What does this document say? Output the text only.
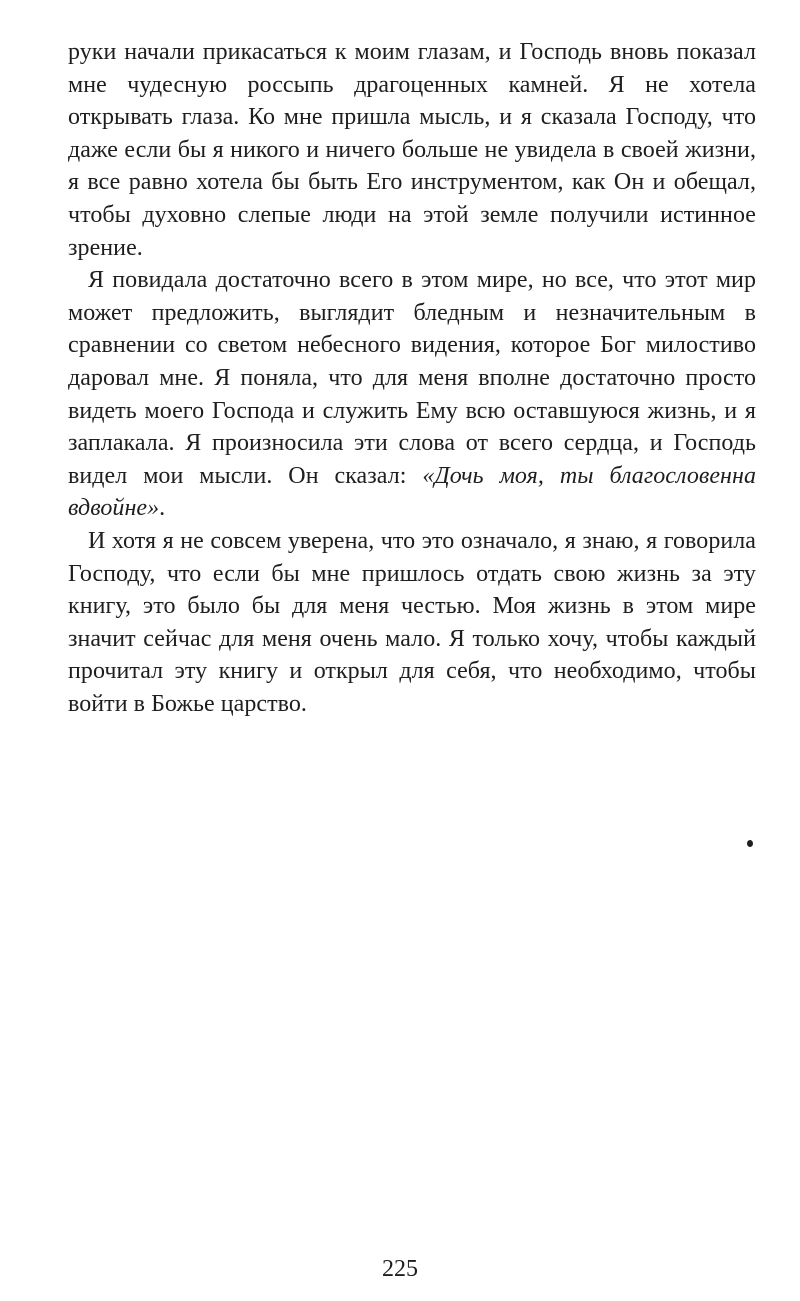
руки начали прикасаться к моим глазам, и Господь вновь показал мне чудесную россыпь драгоценных камней. Я не хотела открывать глаза. Ко мне пришла мысль, и я сказала Господу, что даже если бы я никого и ничего больше не увидела в своей жизни, я все равно хотела бы быть Его инструментом, как Он и обещал, чтобы духовно слепые люди на этой земле получили истинное зрение.

Я повидала достаточно всего в этом мире, но все, что этот мир может предложить, выглядит бледным и незначительным в сравнении со светом небесного видения, которое Бог милостиво даровал мне. Я поняла, что для меня вполне достаточно просто видеть моего Господа и служить Ему всю оставшуюся жизнь, и я заплакала. Я произносила эти слова от всего сердца, и Господь видел мои мысли. Он сказал: «Дочь моя, ты благословенна вдвойне».

И хотя я не совсем уверена, что это означало, я знаю, я говорила Господу, что если бы мне пришлось отдать свою жизнь за эту книгу, это было бы для меня честью. Моя жизнь в этом мире значит сейчас для меня очень мало. Я только хочу, чтобы каждый прочитал эту книгу и открыл для себя, что необходимо, чтобы войти в Божье царство.

225
